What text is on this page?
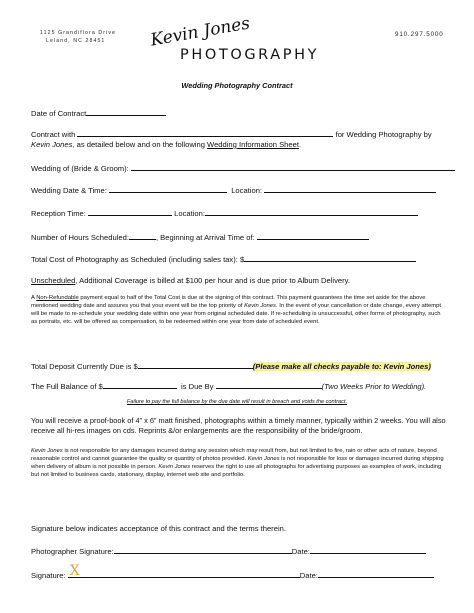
1125 Grandiflora Drive
Leland, NC 28451	Kevin Jones
PHOTOGRAPHY
910.297.5000
Wedding Photography Contract
Date of Contract
Contract with	for Wedding Photography by
Kevin Jones, as detailed below and on the following Wedding Information Sheet.
Wedding of (Bride & Groom):
Wedding Date & Time:	Location:
Reception Time:	Location:
Number of Hours Scheduled:	, Beginning at Arrival Time of:
Total Cost of Photography as Scheduled (including sales tax): $
Unscheduled, Additional Coverage is billed at $100 per hour and is due prior to Album Delivery.
A Non-Refundable payment equal to half of the Total Cost is due at the signing of this contract. This payment guarantees the time set aside for the above mentioned wedding date and assures you that your event will be the top priority of Kevin Jones. In the event of your cancellation or date change, every attempt will be made to re-schedule your wedding date within one year from original scheduled date. If re-scheduling is unsuccessful, other forms of photography, such as portraits, etc. will be offered as compensation, to be redeemed within one year from date of scheduled event.
Total Deposit Currently Due is $	(Please make all checks payable to: Kevin Jones)
The Full Balance of $	is Due By	(Two Weeks Prior to Wedding).
Failure to pay the full balance by the due date will result in breach and voids the contract.
You will receive a proof-book of 4” x 6” matt finished, photographs within a timely manner, typically within 2 weeks. You will also receive all hi-res images on cds. Reprints &/or enlargements are the responsibility of the bride/groom.
Kevin Jones is not responsible for any damages incurred during any session which may result from, but not limited to fire, rain or other acts of nature, beyond reasonable control and cannot guarantee the quality or quantity of photos provided. Kevin Jones is not responsible for loss or damages incurred during shipping when delivery of album is not possible in person. Kevin Jones reserves the right to use all photographs for advertising purposes as examples of work, including but not limited to business cards, stationary, display, internet web site and portfolio.
Signature below indicates acceptance of this contract and the terms therein.
Photographer Signature:	Date:
Signature: X	Date:
